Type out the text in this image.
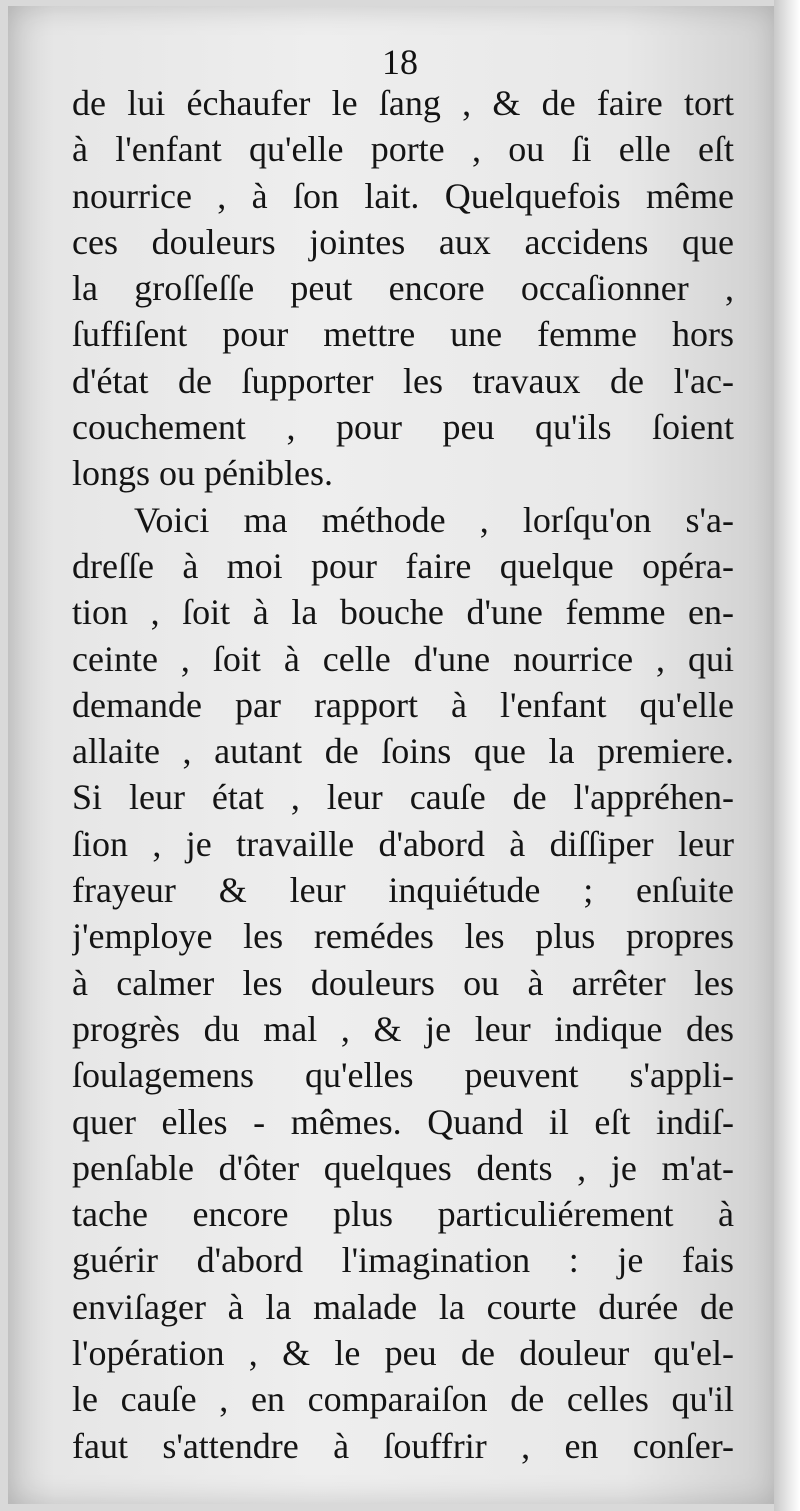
18
de lui échaufer le ſang , & de faire tort
à l'enfant qu'elle porte , ou ſi elle eſt
nourrice , à ſon lait. Quelquefois même
ces douleurs jointes aux accidens que
la groſſeſſe peut encore occaſionner ,
ſuffiſent pour mettre une femme hors
d'état de ſupporter les travaux de l'ac-
couchement , pour peu qu'ils ſoient
longs ou pénibles.
Voici ma méthode , lorſqu'on s'a-
dreſſe à moi pour faire quelque opéra-
tion , ſoit à la bouche d'une femme en-
ceinte , ſoit à celle d'une nourrice , qui
demande par rapport à l'enfant qu'elle
allaite , autant de ſoins que la premiere.
Si leur état , leur cauſe de l'appréhen-
ſion , je travaille d'abord à diſſiper leur
frayeur & leur inquiétude ; enſuite
j'employe les remédes les plus propres
à calmer les douleurs ou à arrêter les
progrès du mal , & je leur indique des
ſoulagemens qu'elles peuvent s'appli-
quer elles - mêmes. Quand il eſt indiſ-
penſable d'ôter quelques dents , je m'at-
tache encore plus particuliérement à
guérir d'abord l'imagination : je fais
enviſager à la malade la courte durée de
l'opération , & le peu de douleur qu'el-
le cauſe , en comparaiſon de celles qu'il
faut s'attendre à ſouffrir , en conſer-
